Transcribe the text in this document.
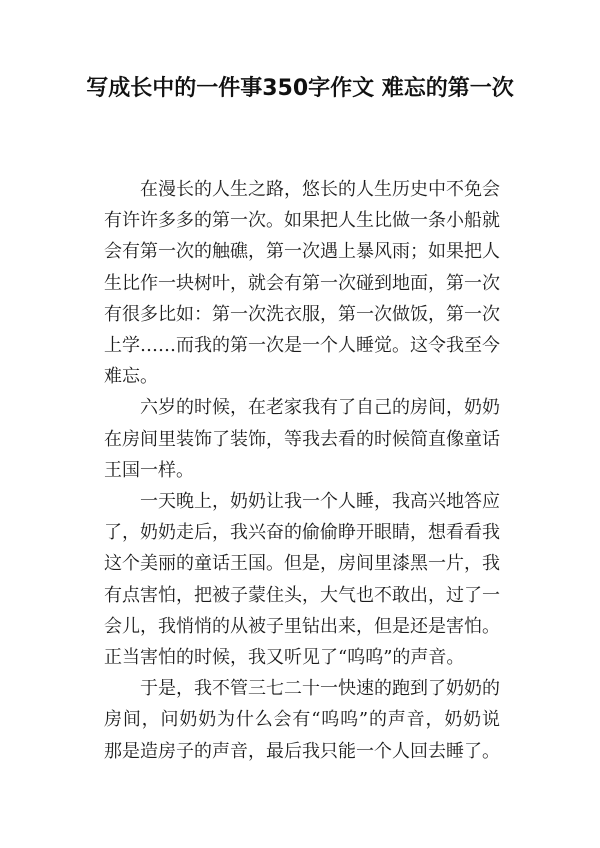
写成长中的一件事350字作文 难忘的第一次

在漫长的人生之路，悠长的人生历史中不免会有许许多多的第一次。如果把人生比做一条小船就会有第一次的触礁，第一次遇上暴风雨；如果把人生比作一块树叶，就会有第一次碰到地面，第一次有很多比如：第一次洗衣服，第一次做饭，第一次上学……而我的第一次是一个人睡觉。这令我至今难忘。

六岁的时候，在老家我有了自己的房间，奶奶在房间里装饰了装饰，等我去看的时候简直像童话王国一样。

一天晚上，奶奶让我一个人睡，我高兴地答应了，奶奶走后，我兴奋的偷偷睁开眼睛，想看看我这个美丽的童话王国。但是，房间里漆黑一片，我有点害怕，把被子蒙住头，大气也不敢出，过了一会儿，我悄悄的从被子里钻出来，但是还是害怕。正当害怕的时候，我又听见了“呜呜”的声音。

于是，我不管三七二十一快速的跑到了奶奶的房间，问奶奶为什么会有“呜呜”的声音，奶奶说那是造房子的声音，最后我只能一个人回去睡了。
